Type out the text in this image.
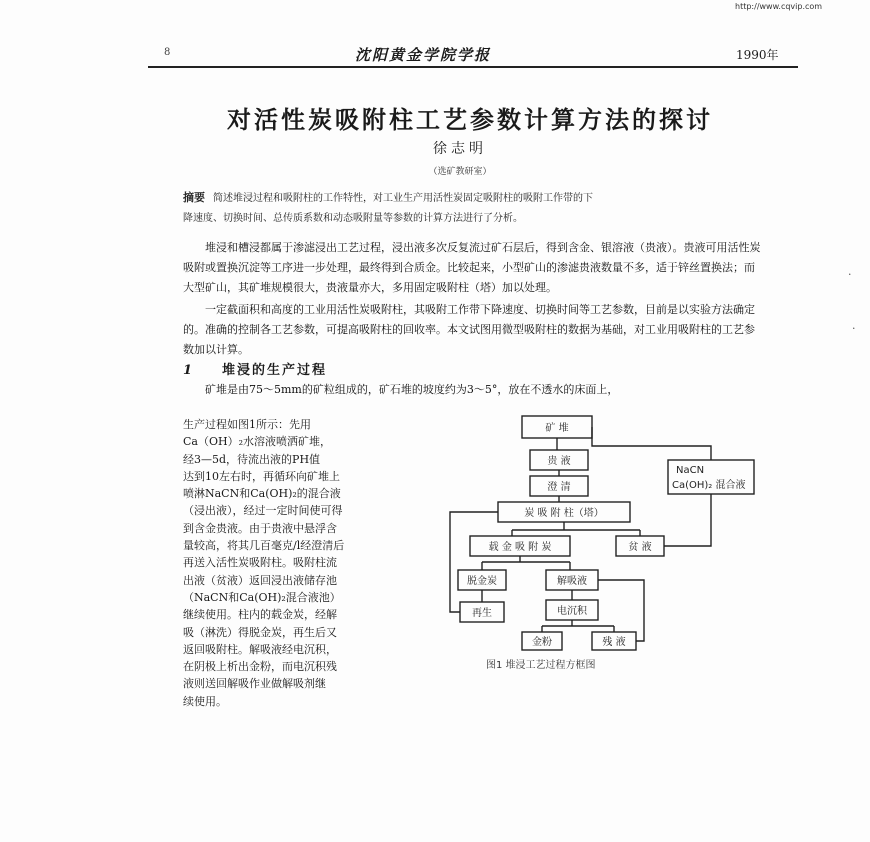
http://www.cqvip.com
8	沈阳黄金学院学报	1990年
对活性炭吸附柱工艺参数计算方法的探讨
徐志明
（选矿教研室）
摘要 简述堆浸过程和吸附柱的工作特性，对工业生产用活性炭固定吸附柱的吸附工作带的下
降速度、切换时间、总传质系数和动态吸附量等参数的计算方法进行了分析。
堆浸和槽浸都属于渗滤浸出工艺过程，浸出液多次反复流过矿石层后，得到含金、银溶液（贵液）。贵液可用活性炭吸附或置换沉淀等工序进一步处理，最终得到合质金。比较起来，小型矿山的渗滤贵液数量不多，适于锌丝置换法；而大型矿山，其矿堆规模很大，贵液量亦大，多用固定吸附柱（塔）加以处理。
一定截面积和高度的工业用活性炭吸附柱，其吸附工作带下降速度、切换时间等工艺参数，目前是以实验方法确定的。准确的控制各工艺参数，可提高吸附柱的回收率。本文试图用微型吸附柱的数据为基础，对工业用吸附柱的工艺参数加以计算。
1 堆浸的生产过程
矿堆是由75～5mm的矿粒组成的，矿石堆的坡度约为3～5°，放在不透水的床面上，
生产过程如图1所示：先用
Ca（OH）₂水溶液喷洒矿堆，
经3—5d，待流出液的PH值
达到10左右时，再循环向矿堆上
喷淋NaCN和Ca(OH)₂的混合液
（浸出液），经过一定时间使可得
到含金贵液。由于贵液中悬浮含
量较高，将其几百毫克/l经澄清后
再送入活性炭吸附柱。吸附柱流
出液（贫液）返回浸出液储存池
（NaCN和Ca(OH)₂混合液池）
继续使用。柱内的载金炭，经解
吸（淋洗）得脱金炭，再生后又
返回吸附柱。解吸液经电沉积，
在阴极上析出金粉，而电沉积残
液则送回解吸作业做解吸剂继
续使用。
矿 堆
贵 液
澄 清
NaCN
Ca(OH)₂ 混合液
炭 吸 附 柱（塔）
载 金 吸 附 炭	贫 液
脱金炭
再生
解吸液
电沉积
金粉	残 液
图1 堆浸工艺过程方框图
·
·
